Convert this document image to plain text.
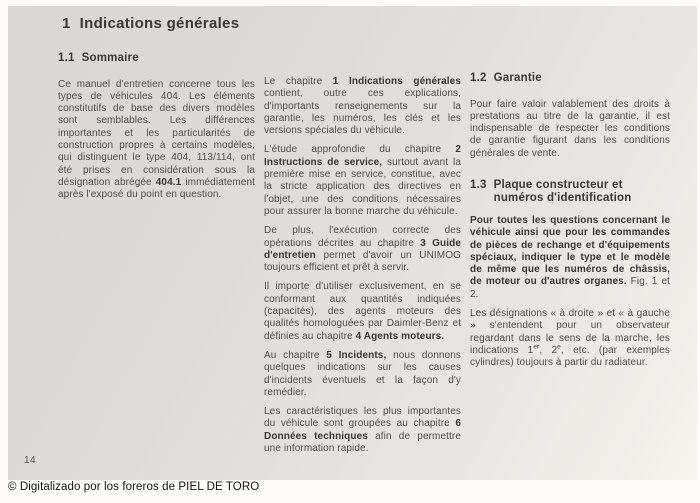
1 Indications générales
1.1 Sommaire

Ce manuel d'entretien concerne tous les types de véhicules 404. Les éléments constitutifs de base des divers modèles sont semblables. Les différences importantes et les particularités de construction propres à certains modèles, qui distinguent le type 404, 113/114, ont été prises en considération sous la désignation abrégée 404.1 immédiatement après l'exposé du point en question.

Le chapitre 1 Indications générales contient, outre ces explications, d'importants renseignements sur la garantie, les numéros, les clés et les versions spéciales du véhicule.

L'étude approfondie du chapitre 2 Instructions de service, surtout avant la première mise en service, constitue, avec la stricte application des directives en l'objet, une des conditions nécessaires pour assurer la bonne marche du véhicule.

De plus, l'exécution correcte des opérations décrites au chapitre 3 Guide d'entretien permet d'avoir un UNIMOG toujours efficient et prêt à servir.

Il importe d'utiliser exclusivement, en se conformant aux quantités indiquées (capacités), des agents moteurs des qualités homologuées par Daimler-Benz et définies au chapitre 4 Agents moteurs.

Au chapitre 5 Incidents, nous donnons quelques indications sur les causes d'incidents éventuels et la façon d'y remédier.

Les caractéristiques les plus importantes du véhicule sont groupées au chapitre 6 Données techniques afin de permettre une information rapide.

1.2 Garantie

Pour faire valoir valablement des droits à prestations au titre de la garantie, il est indispensable de respecter les conditions de garantie figurant dans les conditions générales de vente.

1.3 Plaque constructeur et numéros d'identification

Pour toutes les questions concernant le véhicule ainsi que pour les commandes de pièces de rechange et d'équipements spéciaux, indiquer le type et le modèle de même que les numéros de châssis, de moteur ou d'autres organes. Fig. 1 et 2.

Les désignations « à droite » et « à gauche » s'entendent pour un observateur regardant dans le sens de la marche, les indications 1er, 2e, etc. (par exemples cylindres) toujours à partir du radiateur.

14
© Digitalizado por los foreros de PIEL DE TORO
